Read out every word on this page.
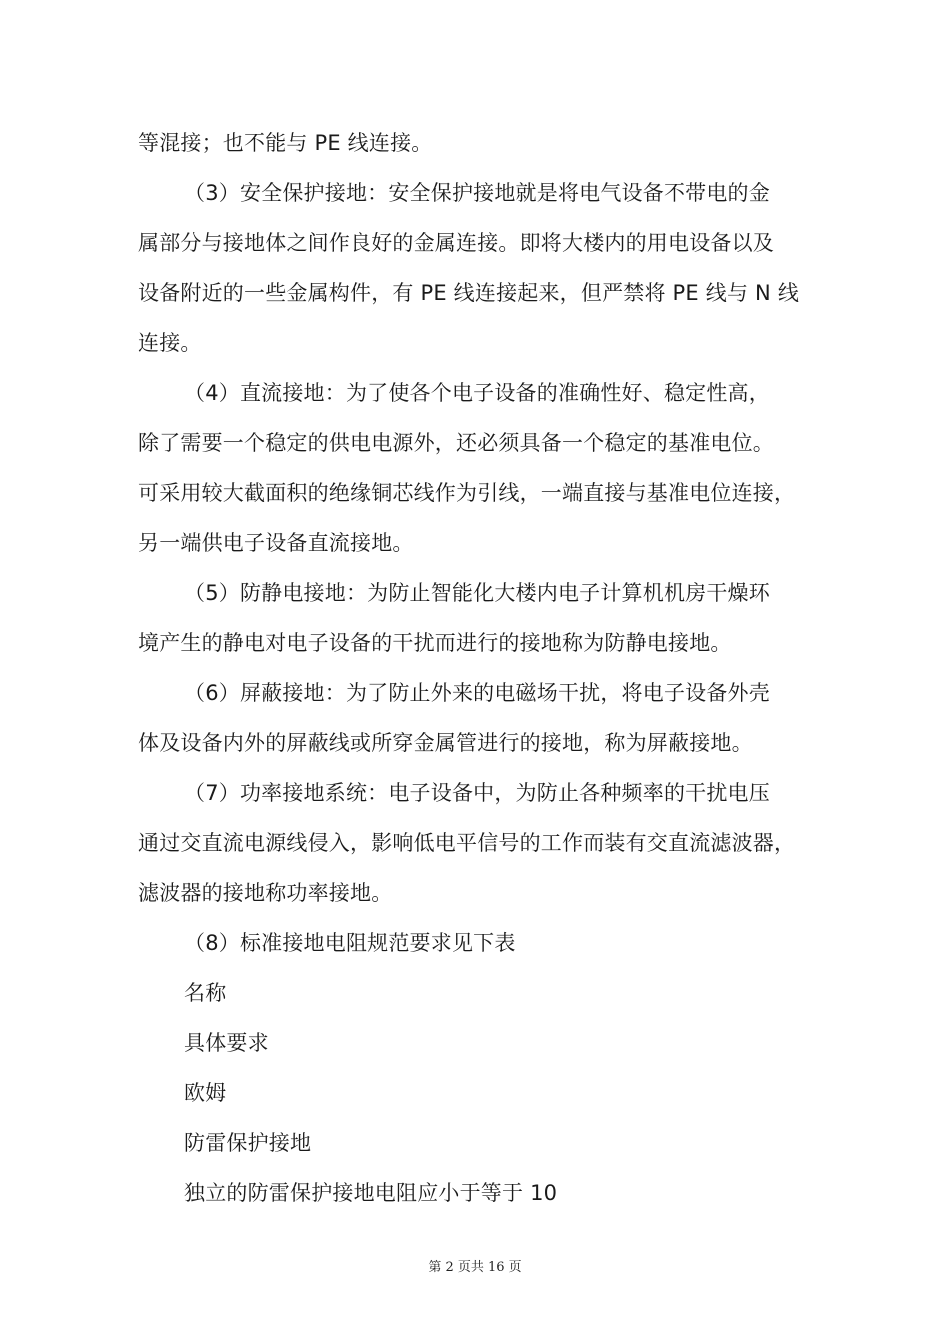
等混接；也不能与 PE 线连接。
（3）安全保护接地：安全保护接地就是将电气设备不带电的金
属部分与接地体之间作良好的金属连接。即将大楼内的用电设备以及
设备附近的一些金属构件，有 PE 线连接起来，但严禁将 PE 线与 N 线
连接。
（4）直流接地：为了使各个电子设备的准确性好、稳定性高，
除了需要一个稳定的供电电源外，还必须具备一个稳定的基准电位。
可采用较大截面积的绝缘铜芯线作为引线，一端直接与基准电位连接，
另一端供电子设备直流接地。
（5）防静电接地：为防止智能化大楼内电子计算机机房干燥环
境产生的静电对电子设备的干扰而进行的接地称为防静电接地。
（6）屏蔽接地：为了防止外来的电磁场干扰，将电子设备外壳
体及设备内外的屏蔽线或所穿金属管进行的接地，称为屏蔽接地。
（7）功率接地系统：电子设备中，为防止各种频率的干扰电压
通过交直流电源线侵入，影响低电平信号的工作而装有交直流滤波器，
滤波器的接地称功率接地。
（8）标准接地电阻规范要求见下表
名称
具体要求
欧姆
防雷保护接地
独立的防雷保护接地电阻应小于等于 10
第 2 页共 16 页
